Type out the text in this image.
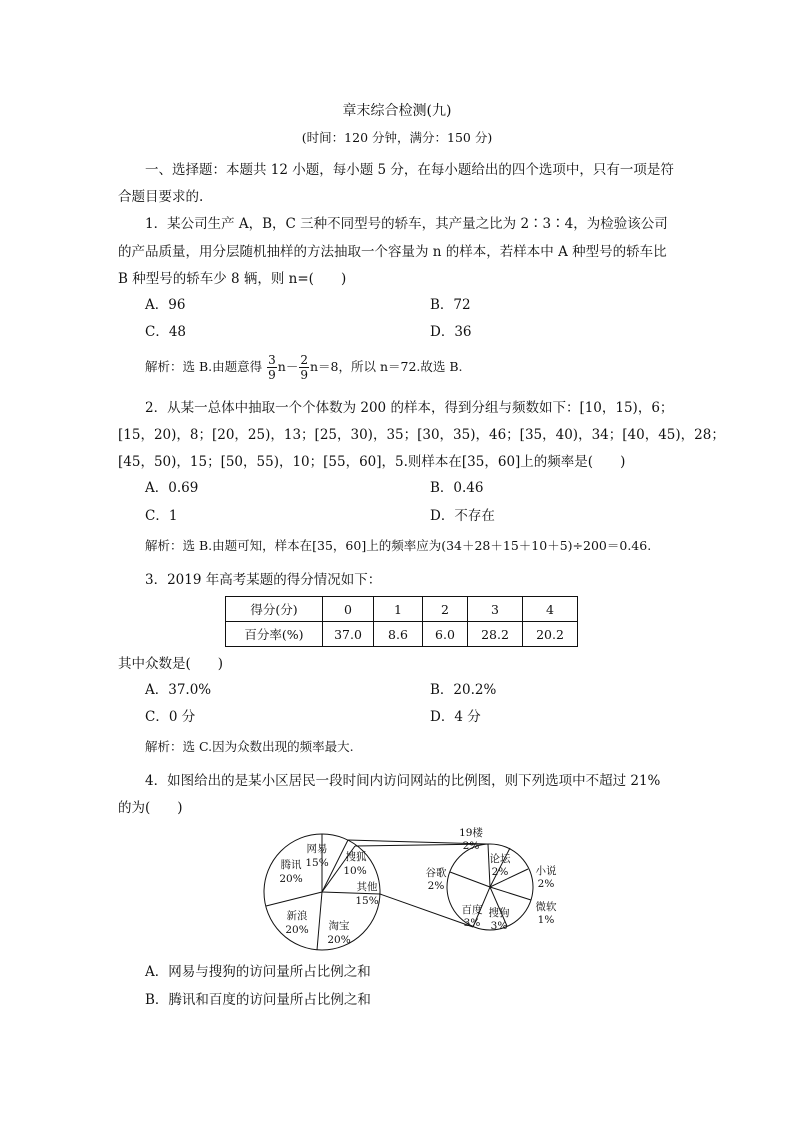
章末综合检测(九)
(时间：120 分钟，满分：150 分)
一、选择题：本题共 12 小题，每小题 5 分，在每小题给出的四个选项中，只有一项是符
合题目要求的.
1．某公司生产 A，B，C 三种不同型号的轿车，其产量之比为 2∶3∶4，为检验该公司
的产品质量，用分层随机抽样的方法抽取一个容量为 n 的样本，若样本中 A 种型号的轿车比
B 种型号的轿车少 8 辆，则 n=(　　)
A．96	B．72
C．48	D．36
解析：选 B.由题意得 $\frac{3}{9} n- \frac{2}{9} n=8$，所以 n＝72.故选 B.
2．从某一总体中抽取一个个体数为 200 的样本，得到分组与频数如下：[10，15)，6；
[15，20)，8；[20，25)，13；[25，30)，35；[30，35)，46；[35，40)，34；[40，45)，28；
[45，50)，15；[50，55)，10；[55，60]，5.则样本在[35，60]上的频率是(　　)
A．0.69	B．0.46
C．1	D．不存在
解析：选 B.由题可知，样本在[35，60]上的频率应为(34＋28＋15＋10＋5)÷200＝0.46.
3．2019 年高考某题的得分情况如下：
得分(分)	0	1	2	3	4
百分率(%)	37.0	8.6	6.0	28.2	20.2
其中众数是(　　)
A．37.0%	B．20.2%
C．0 分	D．4 分
解析：选 C.因为众数出现的频率最大.
4．如图给出的是某小区居民一段时间内访问网站的比例图，则下列选项中不超过 21%
的为(　　)
网易
15% 搜狐
10%
其他
15%
淘宝
20%
新浪
20%
腾讯
20%
论坛
2%	小说
2%
微软
1%
搜狗
3%
百度
3%
谷歌
2%
19楼
2%
A．网易与搜狗的访问量所占比例之和
B．腾讯和百度的访问量所占比例之和
